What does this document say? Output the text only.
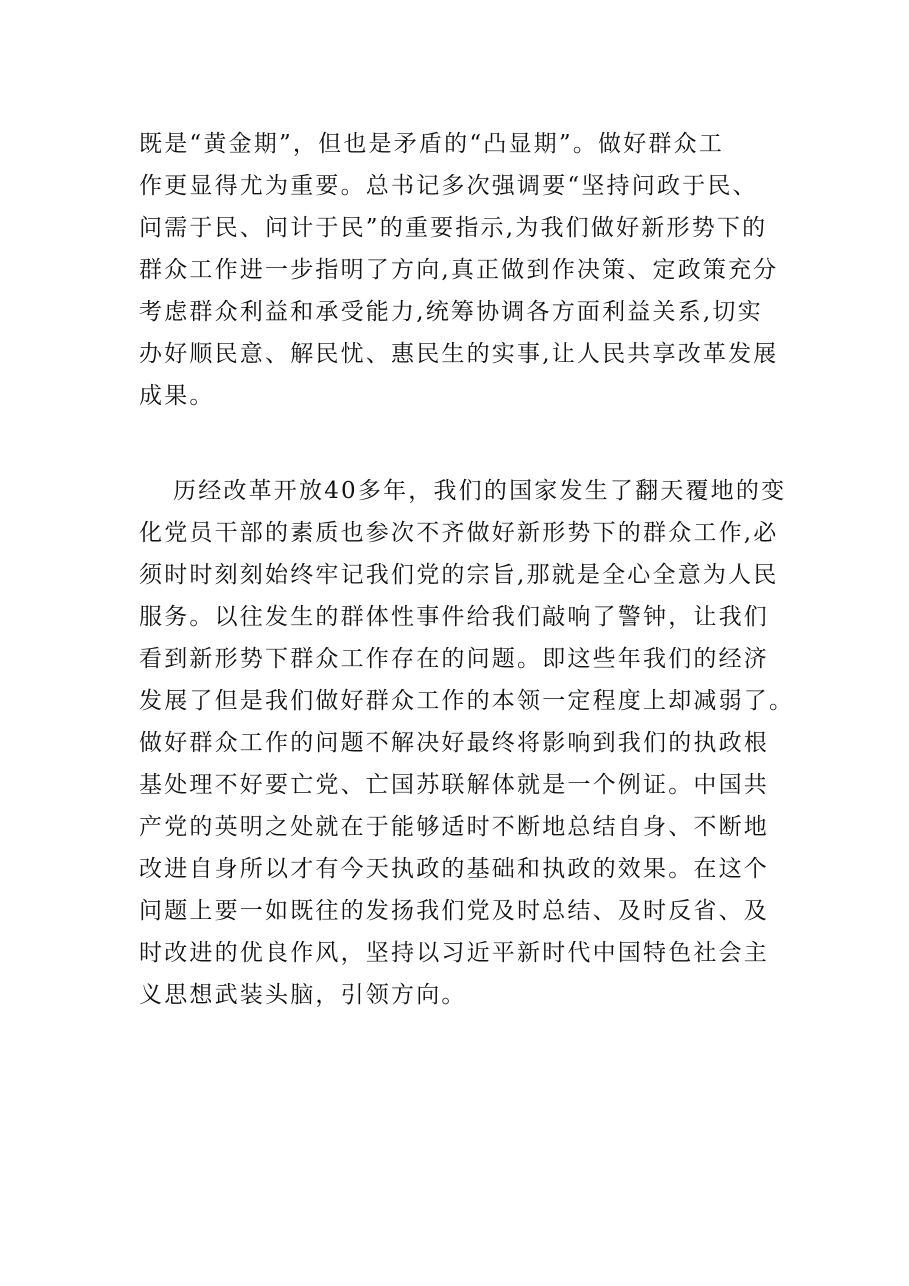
既是“黄金期”，但也是矛盾的“凸显期”。做好群众工

作更显得尤为重要。总书记多次强调要“坚持问政于民、

问需于民、问计于民”的重要指示,为我们做好新形势下的

群众工作进一步指明了方向,真正做到作决策、定政策充分

考虑群众利益和承受能力,统筹协调各方面利益关系,切实

办好顺民意、解民忧、惠民生的实事,让人民共享改革发展

成果。

历经改革开放40多年，我们的国家发生了翻天覆地的变

化党员干部的素质也参次不齐做好新形势下的群众工作,必

须时时刻刻始终牢记我们党的宗旨,那就是全心全意为人民

服务。以往发生的群体性事件给我们敲响了警钟，让我们

看到新形势下群众工作存在的问题。即这些年我们的经济

发展了但是我们做好群众工作的本领一定程度上却减弱了。

做好群众工作的问题不解决好最终将影响到我们的执政根

基处理不好要亡党、亡国苏联解体就是一个例证。中国共

产党的英明之处就在于能够适时不断地总结自身、不断地

改进自身所以才有今天执政的基础和执政的效果。在这个

问题上要一如既往的发扬我们党及时总结、及时反省、及

时改进的优良作风，坚持以习近平新时代中国特色社会主

义思想武装头脑，引领方向。
